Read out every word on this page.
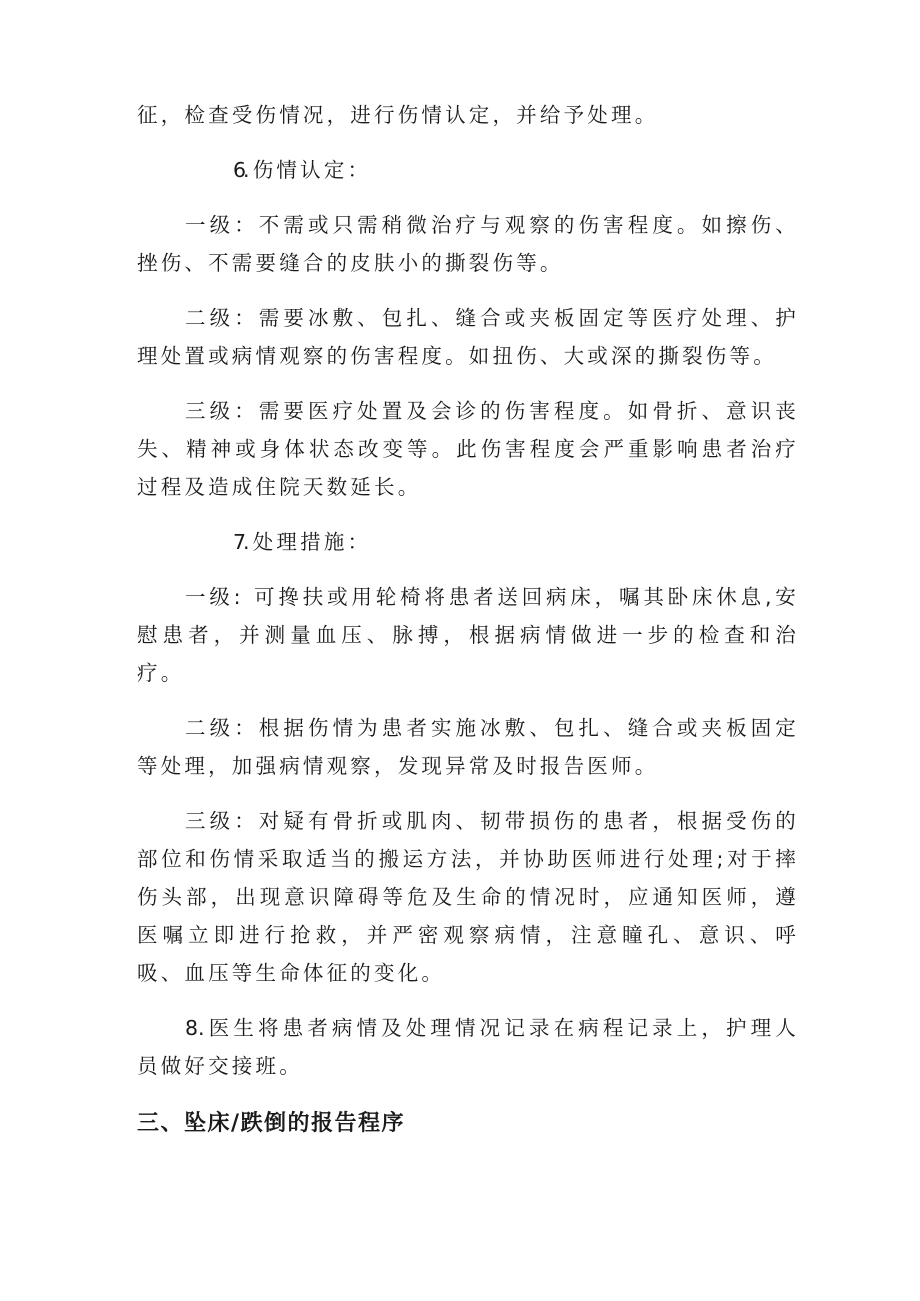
征，检查受伤情况，进行伤情认定，并给予处理。

6.伤情认定：

一级：不需或只需稍微治疗与观察的伤害程度。如擦伤、挫伤、不需要缝合的皮肤小的撕裂伤等。

二级：需要冰敷、包扎、缝合或夹板固定等医疗处理、护理处置或病情观察的伤害程度。如扭伤、大或深的撕裂伤等。

三级：需要医疗处置及会诊的伤害程度。如骨折、意识丧失、精神或身体状态改变等。此伤害程度会严重影响患者治疗过程及造成住院天数延长。

7.处理措施：

一级: 可搀扶或用轮椅将患者送回病床，嘱其卧床休息,安慰患者，并测量血压、脉搏，根据病情做进一步的检查和治疗。

二级：根据伤情为患者实施冰敷、包扎、缝合或夹板固定等处理，加强病情观察，发现异常及时报告医师。

三级：对疑有骨折或肌肉、韧带损伤的患者，根据受伤的部位和伤情采取适当的搬运方法，并协助医师进行处理;对于摔伤头部，出现意识障碍等危及生命的情况时，应通知医师，遵医嘱立即进行抢救，并严密观察病情，注意瞳孔、意识、呼吸、血压等生命体征的变化。

8.医生将患者病情及处理情况记录在病程记录上，护理人员做好交接班。

三、坠床/跌倒的报告程序
